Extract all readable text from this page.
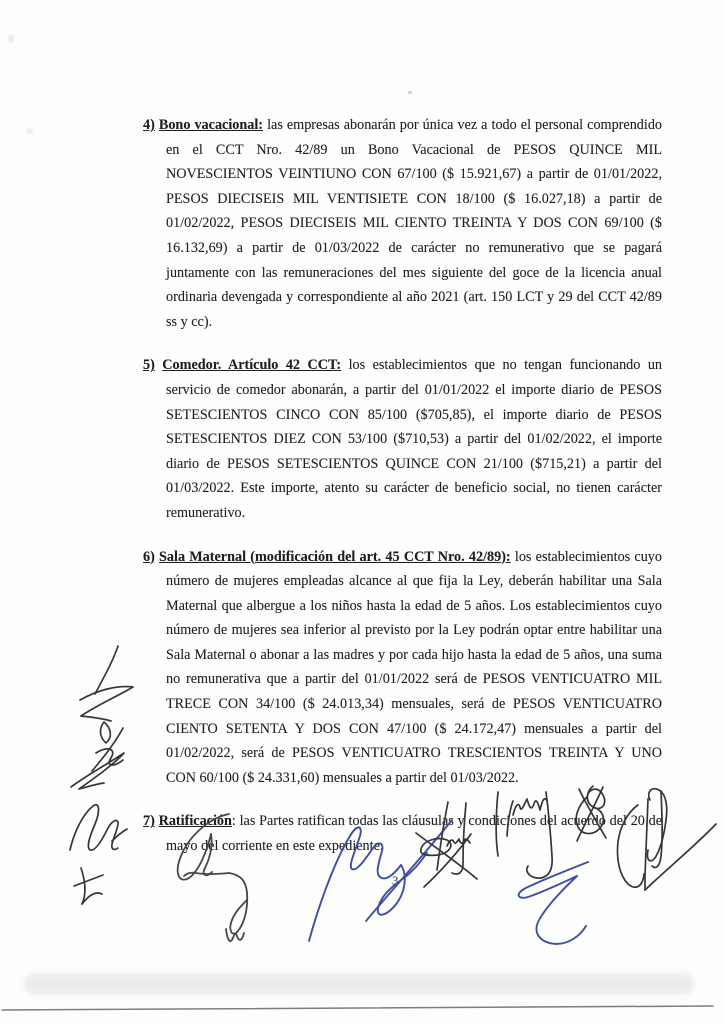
4) Bono vacacional: las empresas abonarán por única vez a todo el personal comprendido en el CCT Nro. 42/89 un Bono Vacacional de PESOS QUINCE MIL NOVESCIENTOS VEINTIUNO CON 67/100 ($ 15.921,67) a partir de 01/01/2022, PESOS DIECISEIS MIL VENTISIETE CON 18/100 ($ 16.027,18) a partir de 01/02/2022, PESOS DIECISEIS MIL CIENTO TREINTA Y DOS CON 69/100 ($ 16.132,69) a partir de 01/03/2022 de carácter no remunerativo que se pagará juntamente con las remuneraciones del mes siguiente del goce de la licencia anual ordinaria devengada y correspondiente al año 2021 (art. 150 LCT y 29 del CCT 42/89 ss y cc).

5) Comedor. Artículo 42 CCT: los establecimientos que no tengan funcionando un servicio de comedor abonarán, a partir del 01/01/2022 el importe diario de PESOS SETESCIENTOS CINCO CON 85/100 ($705,85), el importe diario de PESOS SETESCIENTOS DIEZ CON 53/100 ($710,53) a partir del 01/02/2022, el importe diario de PESOS SETESCIENTOS QUINCE CON 21/100 ($715,21) a partir del 01/03/2022. Este importe, atento su carácter de beneficio social, no tienen carácter remunerativo.

6) Sala Maternal (modificación del art. 45 CCT Nro. 42/89): los establecimientos cuyo número de mujeres empleadas alcance al que fija la Ley, deberán habilitar una Sala Maternal que albergue a los niños hasta la edad de 5 años. Los establecimientos cuyo número de mujeres sea inferior al previsto por la Ley podrán optar entre habilitar una Sala Maternal o abonar a las madres y por cada hijo hasta la edad de 5 años, una suma no remunerativa que a partir del 01/01/2022 será de PESOS VENTICUATRO MIL TRECE CON 34/100 ($ 24.013,34) mensuales, será de PESOS VENTICUATRO CIENTO SETENTA Y DOS CON 47/100 ($ 24.172,47) mensuales a partir del 01/02/2022, será de PESOS VENTICUATRO TRESCIENTOS TREINTA Y UNO CON 60/100 ($ 24.331,60) mensuales a partir del 01/03/2022.

7) Ratificación: las Partes ratifican todas las cláusulas y condiciones del acuerdo del 20 de mayo del corriente en este expediente.

3
